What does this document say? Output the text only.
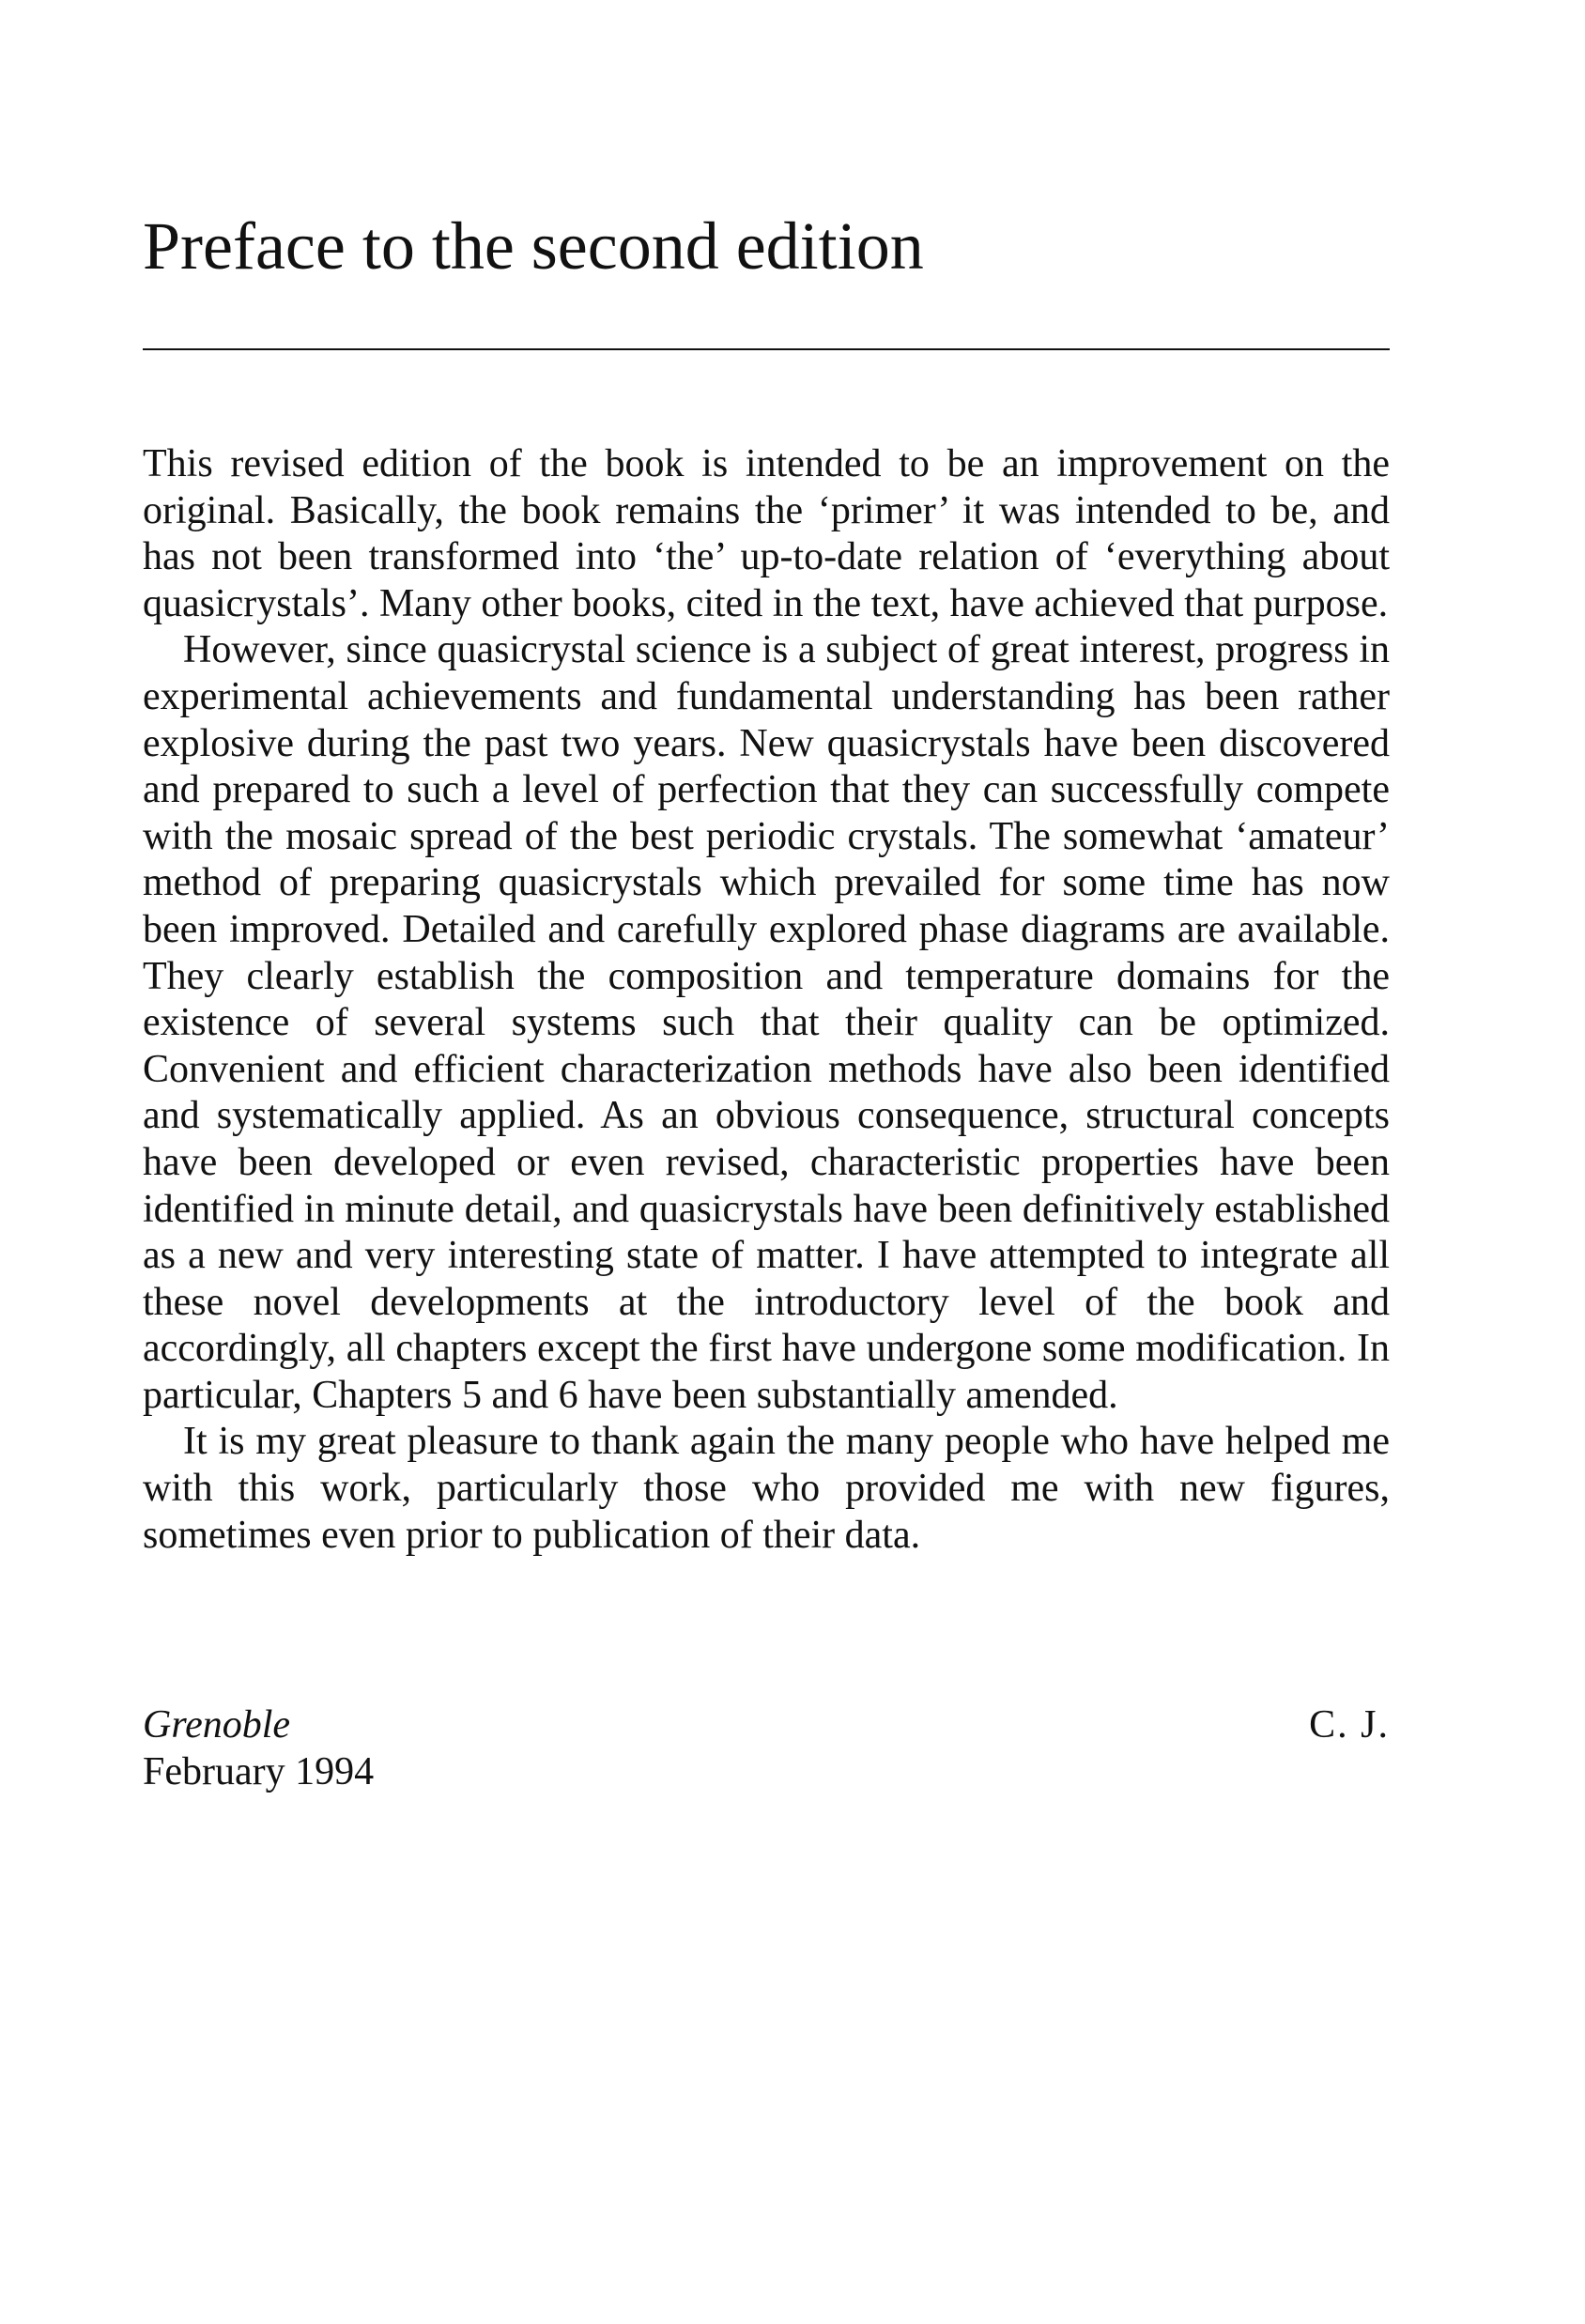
Preface to the second edition

This revised edition of the book is intended to be an improvement on the original. Basically, the book remains the ‘primer’ it was intended to be, and has not been transformed into ‘the’ up-to-date relation of ‘everything about quasicrystals’. Many other books, cited in the text, have achieved that purpose.

However, since quasicrystal science is a subject of great interest, progress in experimental achievements and fundamental understanding has been rather explosive during the past two years. New quasicrystals have been discovered and prepared to such a level of perfection that they can successfully compete with the mosaic spread of the best periodic crystals. The somewhat ‘amateur’ method of preparing quasicrystals which prevailed for some time has now been improved. Detailed and carefully explored phase diagrams are available. They clearly establish the composition and temperature domains for the existence of several systems such that their quality can be optimized. Convenient and efficient characterization methods have also been identified and systematically applied. As an obvious consequence, structural concepts have been developed or even revised, characteristic properties have been identified in minute detail, and quasicrystals have been definitively established as a new and very interesting state of matter. I have attempted to integrate all these novel developments at the introductory level of the book and accordingly, all chapters except the first have undergone some modification. In particular, Chapters 5 and 6 have been substantially amended.

It is my great pleasure to thank again the many people who have helped me with this work, particularly those who provided me with new figures, sometimes even prior to publication of their data.

Grenoble
February 1994
C. J.
